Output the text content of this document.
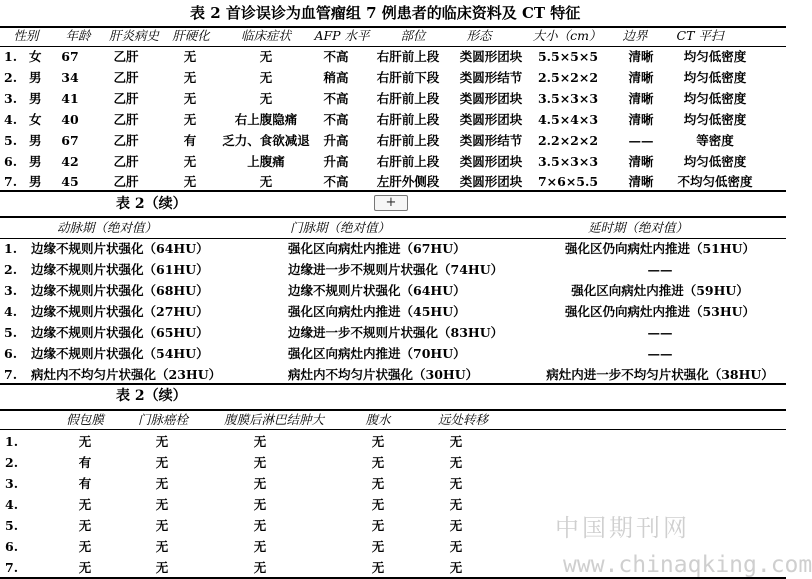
表 2 首诊误诊为血管瘤组 7 例患者的临床资料及 CT 特征
性别 年龄 肝炎病史 肝硬化 临床症状 AFP 水平 部位	形态	大小（cm） 边界 CT 平扫
1. 女 67	乙肝	无	无	不高 右肝前上段 类圆形团块 5.5×5×5 清晰 均匀低密度
2. 男 34	乙肝	无	无	稍高 右肝前下段 类圆形结节 2.5×2×2 清晰 均匀低密度
3. 男 41	乙肝	无	无	不高 右肝前上段 类圆形团块 3.5×3×3 清晰 均匀低密度
4. 女 40	乙肝	无	右上腹隐痛 不高 右肝前上段 类圆形团块 4.5×4×3 清晰 均匀低密度
5. 男 67	乙肝	有 乏力、食欲减退 升高 右肝前上段 类圆形结节 2.2×2×2 ——	等密度
6. 男 42	乙肝	无	上腹痛	升高 右肝前上段 类圆形团块 3.5×3×3 清晰 均匀低密度
7. 男 45	乙肝	无	无	不高 左肝外侧段 类圆形团块 7×6×5.5 清晰 不均匀低密度
表 2（续）	+
动脉期（绝对值）	门脉期（绝对值）	延时期（绝对值）
1. 边缘不规则片状强化（64HU）	强化区向病灶内推进（67HU）	强化区仍向病灶内推进（51HU）
2. 边缘不规则片状强化（61HU）	边缘进一步不规则片状强化（74HU）	——
3. 边缘不规则片状强化（68HU）	边缘不规则片状强化（64HU）	强化区向病灶内推进（59HU）
4. 边缘不规则片状强化（27HU）	强化区向病灶内推进（45HU）	强化区仍向病灶内推进（53HU）
5. 边缘不规则片状强化（65HU）	边缘进一步不规则片状强化（83HU）	——
6. 边缘不规则片状强化（54HU）	强化区向病灶内推进（70HU）	——
7. 病灶内不均匀片状强化（23HU）	病灶内不均匀片状强化（30HU）	病灶内进一步不均匀片状强化（38HU）
表 2（续）
假包膜	门脉癌栓	腹膜后淋巴结肿大	腹水	远处转移
1.	无	无	无	无	无
2.	有	无	无	无	无
3.	有	无	无	无	无
4.	无	无	无	无	无
5.	无	无	无	无	无
6.	无	无	无	无	无
7.	无	无	无	无	无
中国期刊网
www.chinaqking.com
